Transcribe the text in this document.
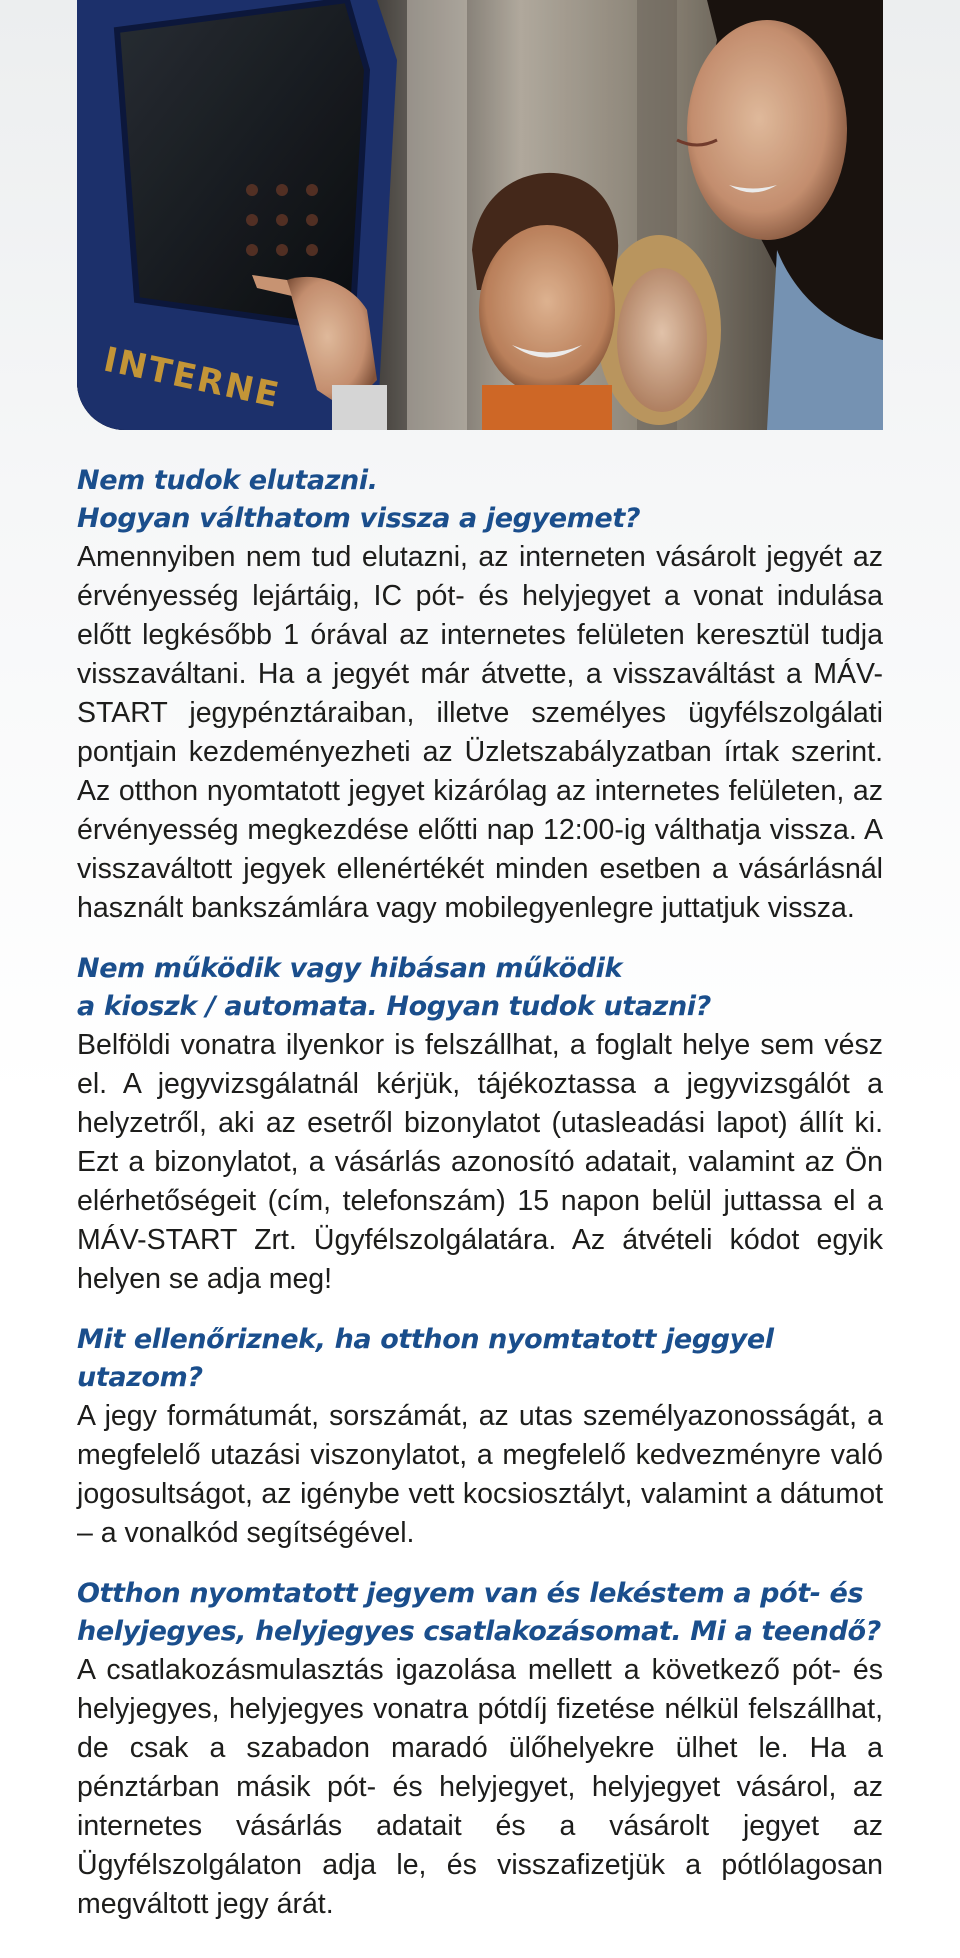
INTERNE
Nem tudok elutazni.
Hogyan válthatom vissza a jegyemet?

Amennyiben nem tud elutazni, az interneten vásárolt jegyét az érvényesség lejártáig, IC pót- és helyjegyet a vonat indulása előtt legkésőbb 1 órával az internetes felületen keresztül tudja visszaváltani. Ha a jegyét már átvette, a visszaváltást a MÁV-START jegypénztáraiban, illetve személyes ügyfélszolgálati pontjain kezdeményezheti az Üzletszabályzatban írtak szerint. Az otthon nyomtatott jegyet kizárólag az internetes felületen, az érvényesség megkezdése előtti nap 12:00-ig válthatja vissza. A visszaváltott jegyek ellenértékét minden esetben a vásárlásnál használt bankszámlára vagy mobilegyenlegre juttatjuk vissza.

Nem működik vagy hibásan működik
a kioszk / automata. Hogyan tudok utazni?

Belföldi vonatra ilyenkor is felszállhat, a foglalt helye sem vész el. A jegyvizsgálatnál kérjük, tájékoztassa a jegyvizsgálót a helyzetről, aki az esetről bizonylatot (utasleadási lapot) állít ki. Ezt a bizonylatot, a vásárlás azonosító adatait, valamint az Ön elérhetőségeit (cím, telefonszám) 15 napon belül juttassa el a MÁV-START Zrt. Ügyfélszolgálatára. Az átvételi kódot egyik helyen se adja meg!

Mit ellenőriznek, ha otthon nyomtatott jeggyel utazom?

A jegy formátumát, sorszámát, az utas személyazonosságát, a megfelelő utazási viszonylatot, a megfelelő kedvezményre való jogosultságot, az igénybe vett kocsiosztályt, valamint a dátumot – a vonalkód segítségével.

Otthon nyomtatott jegyem van és lekéstem a pót- és
helyjegyes, helyjegyes csatlakozásomat. Mi a teendő?

A csatlakozásmulasztás igazolása mellett a következő pót- és helyjegyes, helyjegyes vonatra pótdíj fizetése nélkül felszállhat, de csak a szabadon maradó ülőhelyekre ülhet le. Ha a pénztárban másik pót- és helyjegyet, helyjegyet vásárol, az internetes vásárlás adatait és a vásárolt jegyet az Ügyfélszolgálaton adja le, és visszafizetjük a pótlólagosan megváltott jegy árát.
